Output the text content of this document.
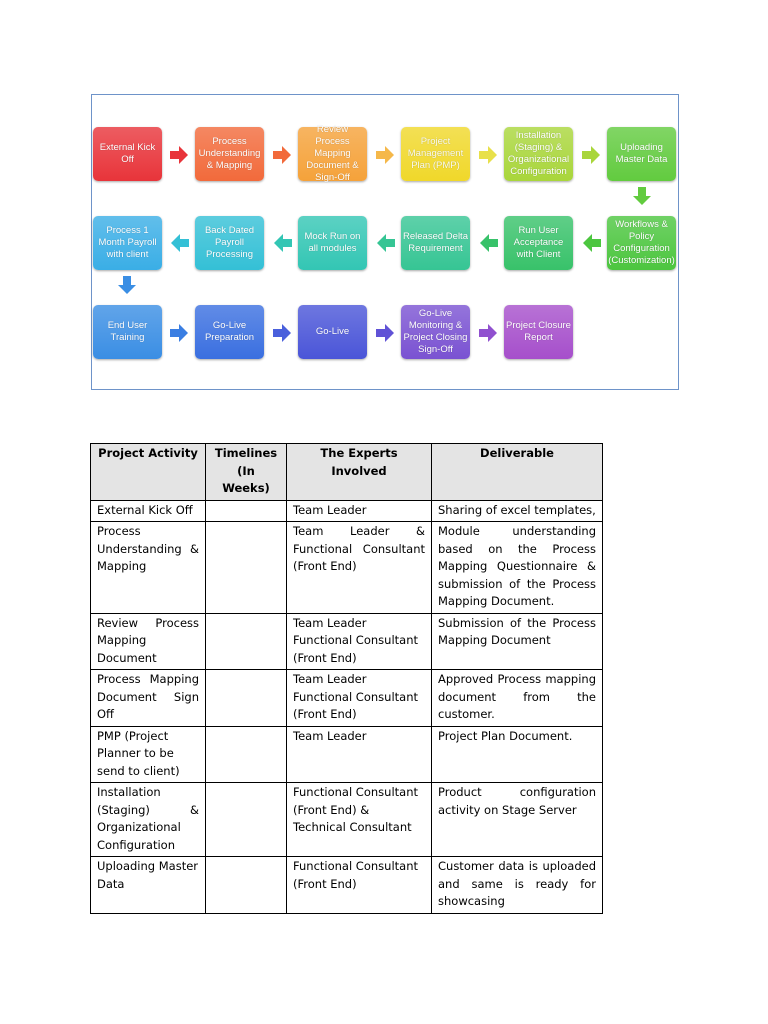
External Kick Off
Process Understanding & Mapping
Review Process Mapping Document & Sign-Off
Project Management Plan (PMP)
Installation (Staging) & Organizational Configuration
Uploading Master Data
Workflows & Policy Configuration (Customization)
Run User Acceptance with Client
Released Delta Requirement
Mock Run on all modules
Back Dated Payroll Processing
Process 1 Month Payroll with client
End User Training
Go-Live Preparation
Go-Live
Go-Live Monitoring & Project Closing Sign-Off
Project Closure Report
Project Activity	Timelines (In Weeks)	The Experts Involved	Deliverable
External Kick Off		Team Leader	Sharing of excel templates,
Process Understanding & Mapping		Team Leader & Functional Consultant (Front End)	Module understanding based on the Process Mapping Questionnaire & submission of the Process Mapping Document.
Review Process Mapping Document		Team Leader Functional Consultant (Front End)	Submission of the Process Mapping Document
Process Mapping Document Sign Off		Team Leader Functional Consultant (Front End)	Approved Process mapping document from the customer.
PMP (Project Planner to be send to client)		Team Leader	Project Plan Document.
Installation (Staging) & Organizational Configuration		Functional Consultant (Front End) & Technical Consultant	Product configuration activity on Stage Server
Uploading Master Data		Functional Consultant (Front End)	Customer data is uploaded and same is ready for showcasing
